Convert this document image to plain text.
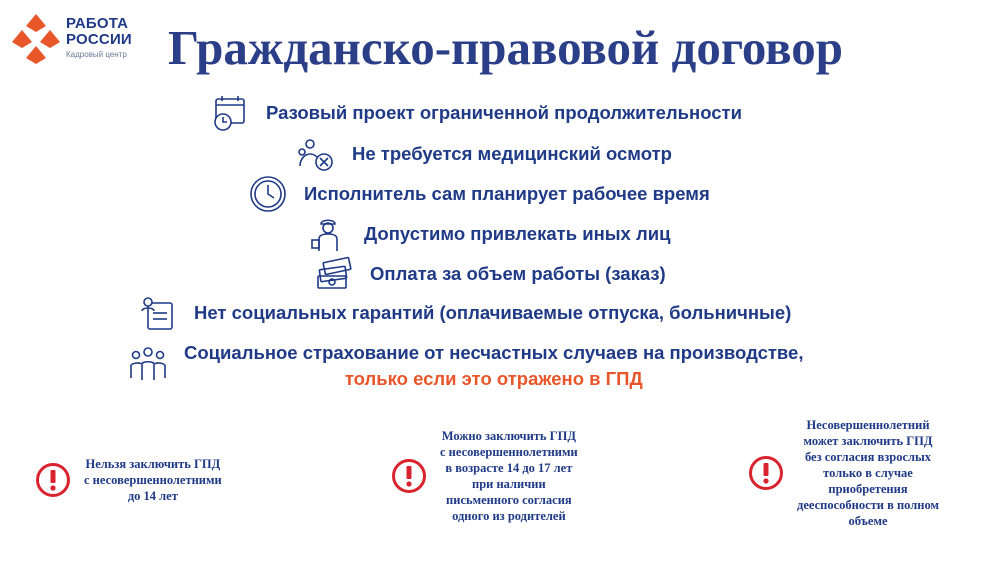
РАБОТА
РОССИИ
Кадровый центр Гражданско-правовой договор
Разовый проект ограниченной продолжительности
Не требуется медицинский осмотр
Исполнитель сам планирует рабочее время
Допустимо привлекать иных лиц
Оплата за объем работы (заказ)
Нет социальных гарантий (оплачиваемые отпуска, больничные)
Социальное страхование от несчастных случаев на производстве,
только если это отражено в ГПД
Нельзя заключить ГПД
с несовершеннолетними
до 14 лет
Можно заключить ГПД
с несовершеннолетними
в возрасте 14 до 17 лет
при наличии
письменного согласия
одного из родителей
Несовершеннолетний
может заключить ГПД
без согласия взрослых
только в случае
приобретения
дееспособности в полном
объеме
